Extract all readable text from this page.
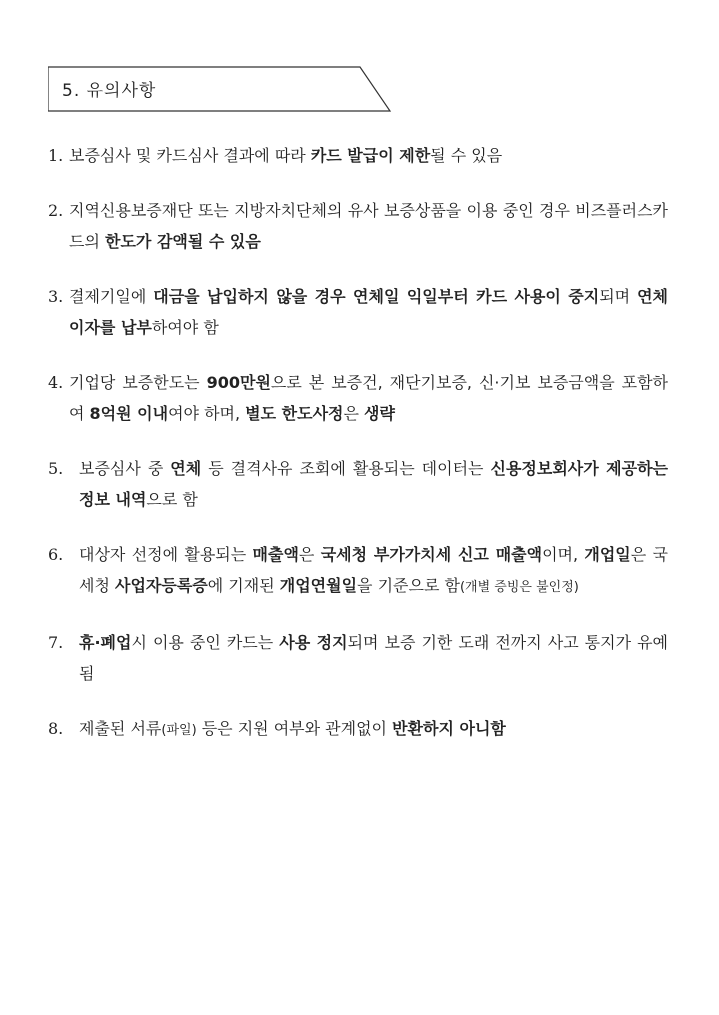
5. 유의사항
1. 보증심사 및 카드심사 결과에 따라 카드 발급이 제한될 수 있음
2. 지역신용보증재단 또는 지방자치단체의 유사 보증상품을 이용 중인 경우 비즈플러스카드의 한도가 감액될 수 있음
3. 결제기일에 대금을 납입하지 않을 경우 연체일 익일부터 카드 사용이 중지되며 연체 이자를 납부하여야 함
4. 기업당 보증한도는 900만원으로 본 보증건, 재단기보증, 신·기보 보증금액을 포함하여 8억원 이내여야 하며, 별도 한도사정은 생략
5. 보증심사 중 연체 등 결격사유 조회에 활용되는 데이터는 신용정보회사가 제공하는 정보 내역으로 함
6. 대상자 선정에 활용되는 매출액은 국세청 부가가치세 신고 매출액이며, 개업일은 국세청 사업자등록증에 기재된 개업연월일을 기준으로 함(개별 증빙은 불인정)
7. 휴·폐업시 이용 중인 카드는 사용 정지되며 보증 기한 도래 전까지 사고 통지가 유예됨
8. 제출된 서류(파일) 등은 지원 여부와 관계없이 반환하지 아니함
